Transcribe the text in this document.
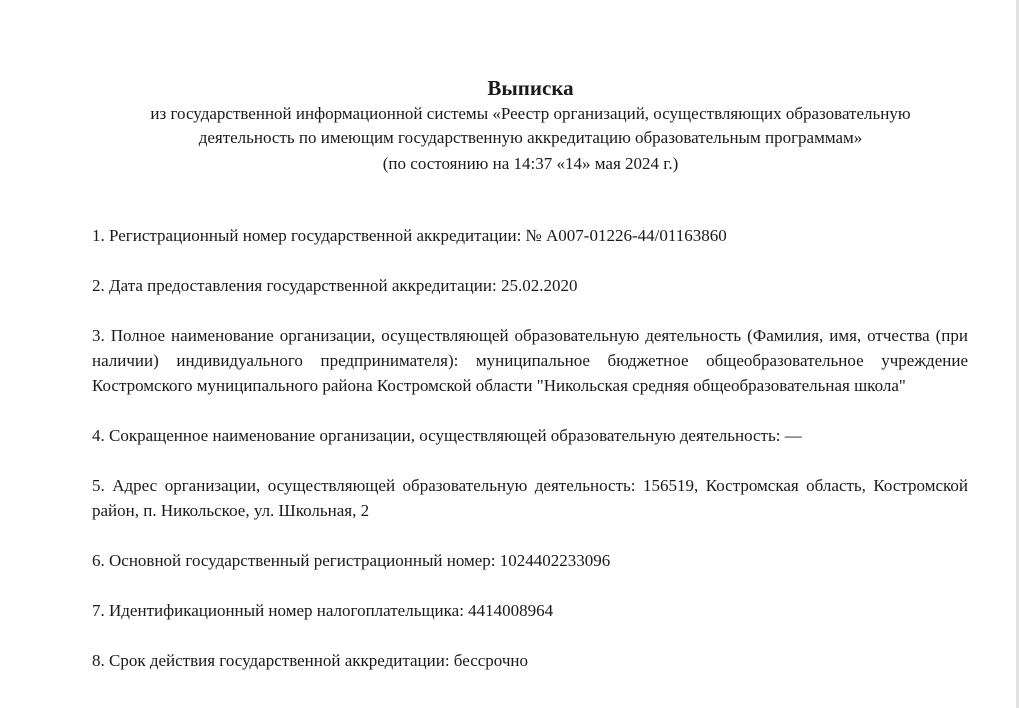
Выписка

из государственной информационной системы «Реестр организаций, осуществляющих образовательную

деятельность по имеющим государственную аккредитацию образовательным программам»

(по состоянию на 14:37 «14» мая 2024 г.)

1. Регистрационный номер государственной аккредитации: № А007-01226-44/01163860

2. Дата предоставления государственной аккредитации: 25.02.2020

3. Полное наименование организации, осуществляющей образовательную деятельность (Фамилия, имя, отчества (при наличии) индивидуального предпринимателя): муниципальное бюджетное общеобразовательное учреждение Костромского муниципального района Костромской области "Никольская средняя общеобразовательная школа"

4. Сокращенное наименование организации, осуществляющей образовательную деятельность: —

5. Адрес организации, осуществляющей образовательную деятельность: 156519, Костромская область, Костромской район, п. Никольское, ул. Школьная, 2

6. Основной государственный регистрационный номер: 1024402233096

7. Идентификационный номер налогоплательщика: 4414008964

8. Срок действия государственной аккредитации: бессрочно
